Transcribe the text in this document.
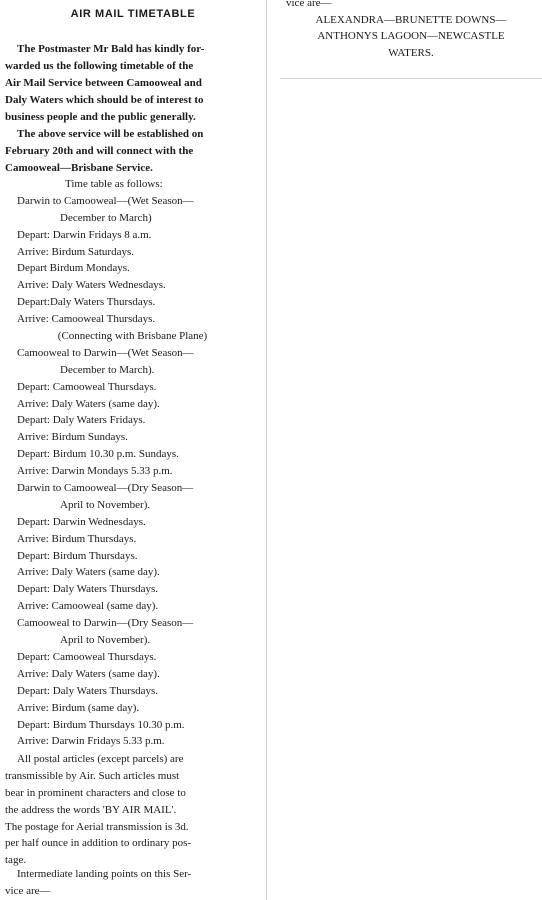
AIR MAIL TIMETABLE
The Postmaster Mr Bald has kindly for-
warded us the following timetable of the
Air Mail Service between Camooweal and
Daly Waters which should be of interest to
business people and the public generally.
The above service will be established on
February 20th and will connect with the
Camooweal—Brisbane Service.
Time table as follows:
Darwin to Camooweal—(Wet Season—
December to March)
Depart: Darwin Fridays 8 a.m.
Arrive: Birdum Saturdays.
Depart Birdum Mondays.
Arrive: Daly Waters Wednesdays.
Depart:Daly Waters Thursdays.
Arrive: Camooweal Thursdays.
(Connecting with Brisbane Plane)
Camooweal to Darwin—(Wet Season—
December to March).
Depart: Camooweal Thursdays.
Arrive: Daly Waters (same day).
Depart: Daly Waters Fridays.
Arrive: Birdum Sundays.
Depart: Birdum 10.30 p.m. Sundays.
Arrive: Darwin Mondays 5.33 p.m.
Darwin to Camooweal—(Dry Season—
April to November).
Depart: Darwin Wednesdays.
Arrive: Birdum Thursdays.
Depart: Birdum Thursdays.
Arrive: Daly Waters (same day).
Depart: Daly Waters Thursdays.
Arrive: Camooweal (same day).
Camooweal to Darwin—(Dry Season—
April to November).
Depart: Camooweal Thursdays.
Arrive: Daly Waters (same day).
Depart: Daly Waters Thursdays.
Arrive: Birdum (same day).
Depart: Birdum Thursdays 10.30 p.m.
Arrive: Darwin Fridays 5.33 p.m.
All postal articles (except parcels) are
transmissible by Air. Such articles must
bear in prominent characters and close to
the address the words 'BY AIR MAIL'.
The postage for Aerial transmission is 3d.
per half ounce in addition to ordinary pos-
tage.
Intermediate landing points on this Ser-
vice are—
vice are—
ALEXANDRA—BRUNETTE DOWNS—
ANTHONYS LAGOON—NEWCASTLE
WATERS.
